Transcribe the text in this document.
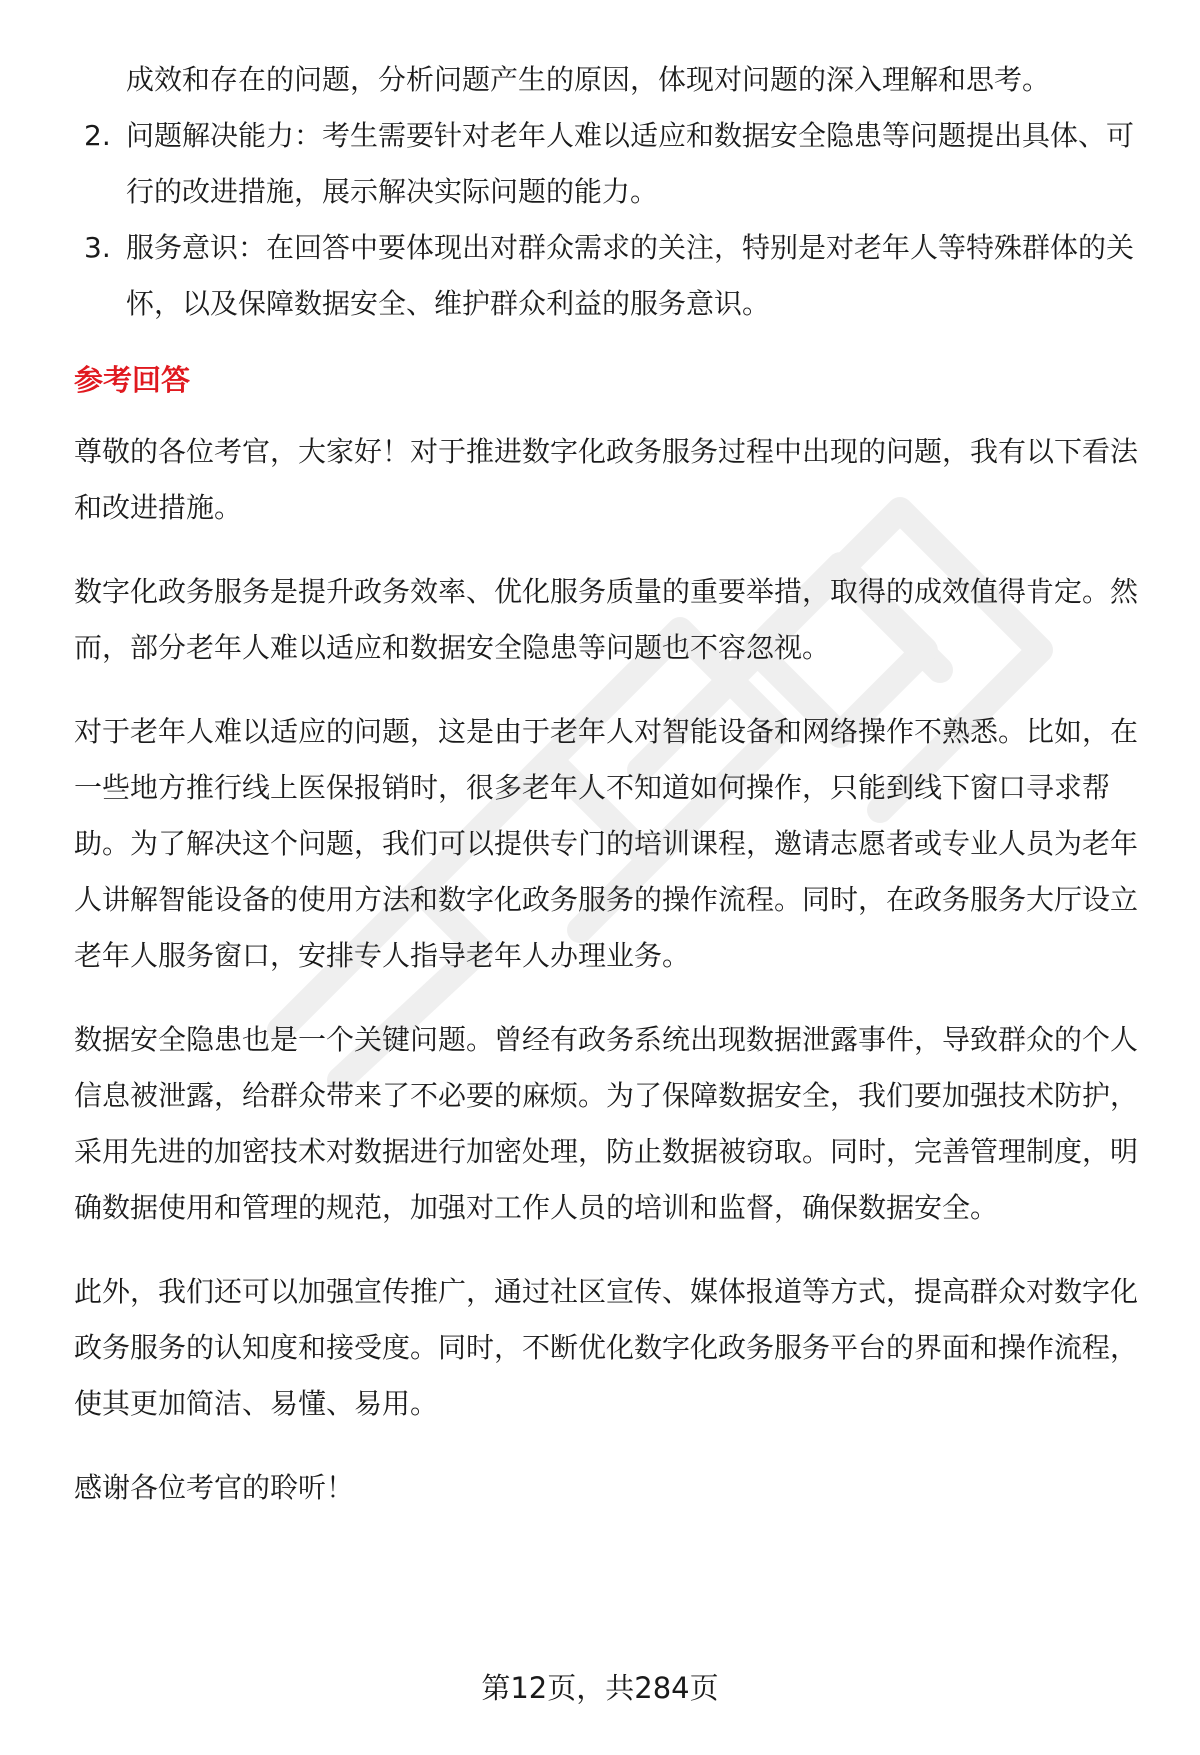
成效和存在的问题，分析问题产生的原因，体现对问题的深入理解和思考。

2. 问题解决能力：考生需要针对老年人难以适应和数据安全隐患等问题提出具体、可行的改进措施，展示解决实际问题的能力。
3. 服务意识：在回答中要体现出对群众需求的关注，特别是对老年人等特殊群体的关怀，以及保障数据安全、维护群众利益的服务意识。
参考回答

尊敬的各位考官，大家好！对于推进数字化政务服务过程中出现的问题，我有以下看法和改进措施。

数字化政务服务是提升政务效率、优化服务质量的重要举措，取得的成效值得肯定。然而，部分老年人难以适应和数据安全隐患等问题也不容忽视。

对于老年人难以适应的问题，这是由于老年人对智能设备和网络操作不熟悉。比如，在一些地方推行线上医保报销时，很多老年人不知道如何操作，只能到线下窗口寻求帮助。为了解决这个问题，我们可以提供专门的培训课程，邀请志愿者或专业人员为老年人讲解智能设备的使用方法和数字化政务服务的操作流程。同时，在政务服务大厅设立老年人服务窗口，安排专人指导老年人办理业务。

数据安全隐患也是一个关键问题。曾经有政务系统出现数据泄露事件，导致群众的个人信息被泄露，给群众带来了不必要的麻烦。为了保障数据安全，我们要加强技术防护，采用先进的加密技术对数据进行加密处理，防止数据被窃取。同时，完善管理制度，明确数据使用和管理的规范，加强对工作人员的培训和监督，确保数据安全。

此外，我们还可以加强宣传推广，通过社区宣传、媒体报道等方式，提高群众对数字化政务服务的认知度和接受度。同时，不断优化数字化政务服务平台的界面和操作流程，使其更加简洁、易懂、易用。

感谢各位考官的聆听！

第12页，共284页
